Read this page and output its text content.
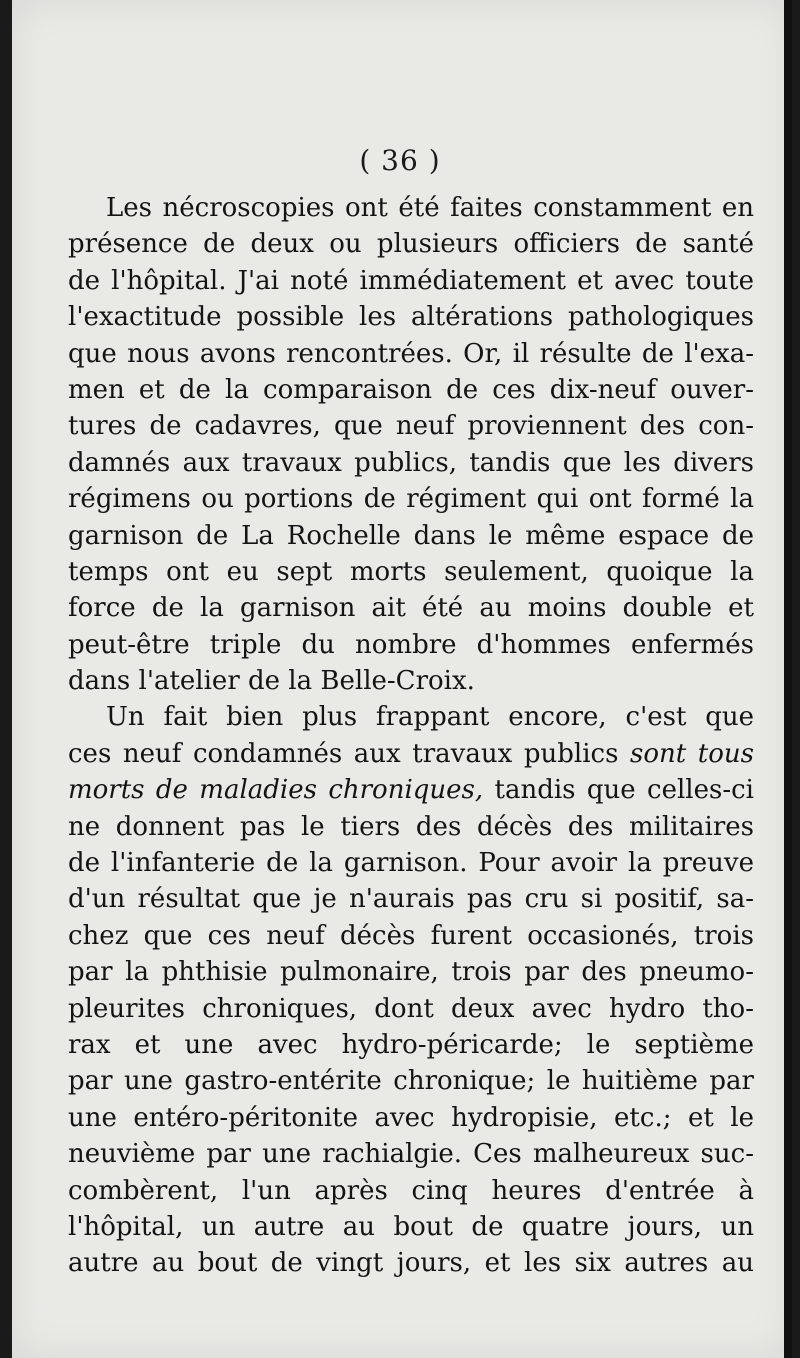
( 36 )
Les nécroscopies ont été faites constamment en
présence de deux ou plusieurs officiers de santé
de l'hôpital. J'ai noté immédiatement et avec toute
l'exactitude possible les altérations pathologiques
que nous avons rencontrées. Or, il résulte de l'exa-
men et de la comparaison de ces dix-neuf ouver-
tures de cadavres, que neuf proviennent des con-
damnés aux travaux publics, tandis que les divers
régimens ou portions de régiment qui ont formé la
garnison de La Rochelle dans le même espace de
temps ont eu sept morts seulement, quoique la
force de la garnison ait été au moins double et
peut-être triple du nombre d'hommes enfermés
dans l'atelier de la Belle-Croix.
Un fait bien plus frappant encore, c'est que
ces neuf condamnés aux travaux publics sont tous
morts de maladies chroniques, tandis que celles-ci
ne donnent pas le tiers des décès des militaires
de l'infanterie de la garnison. Pour avoir la preuve
d'un résultat que je n'aurais pas cru si positif, sa-
chez que ces neuf décès furent occasionés, trois
par la phthisie pulmonaire, trois par des pneumo-
pleurites chroniques, dont deux avec hydro tho-
rax et une avec hydro-péricarde; le septième
par une gastro-entérite chronique; le huitième par
une entéro-péritonite avec hydropisie, etc.; et le
neuvième par une rachialgie. Ces malheureux suc-
combèrent, l'un après cinq heures d'entrée à
l'hôpital, un autre au bout de quatre jours, un
autre au bout de vingt jours, et les six autres au
